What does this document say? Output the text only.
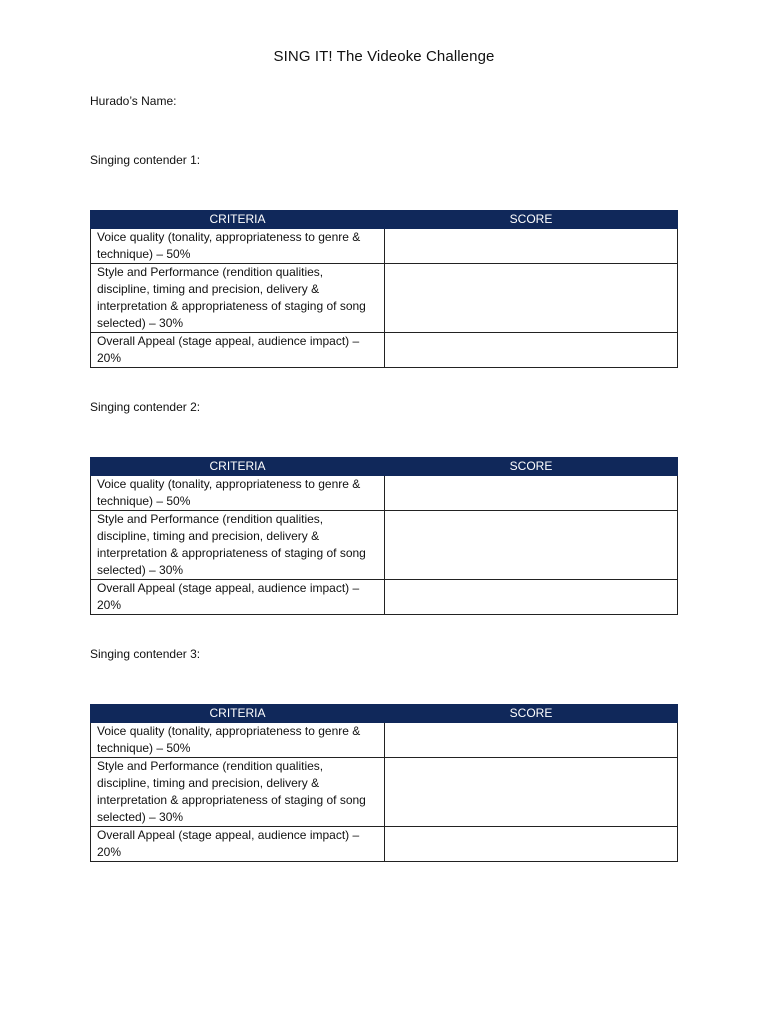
SING IT! The Videoke Challenge
Hurado’s Name:
Singing contender 1:
CRITERIA	SCORE
Voice quality (tonality, appropriateness to genre & technique) – 50%	
Style and Performance (rendition qualities, discipline, timing and precision, delivery & interpretation & appropriateness of staging of song selected) – 30%	
Overall Appeal (stage appeal, audience impact) – 20%	
Singing contender 2:
CRITERIA	SCORE
Voice quality (tonality, appropriateness to genre & technique) – 50%	
Style and Performance (rendition qualities, discipline, timing and precision, delivery & interpretation & appropriateness of staging of song selected) – 30%	
Overall Appeal (stage appeal, audience impact) – 20%	
Singing contender 3:
CRITERIA	SCORE
Voice quality (tonality, appropriateness to genre & technique) – 50%	
Style and Performance (rendition qualities, discipline, timing and precision, delivery & interpretation & appropriateness of staging of song selected) – 30%	
Overall Appeal (stage appeal, audience impact) – 20%	
